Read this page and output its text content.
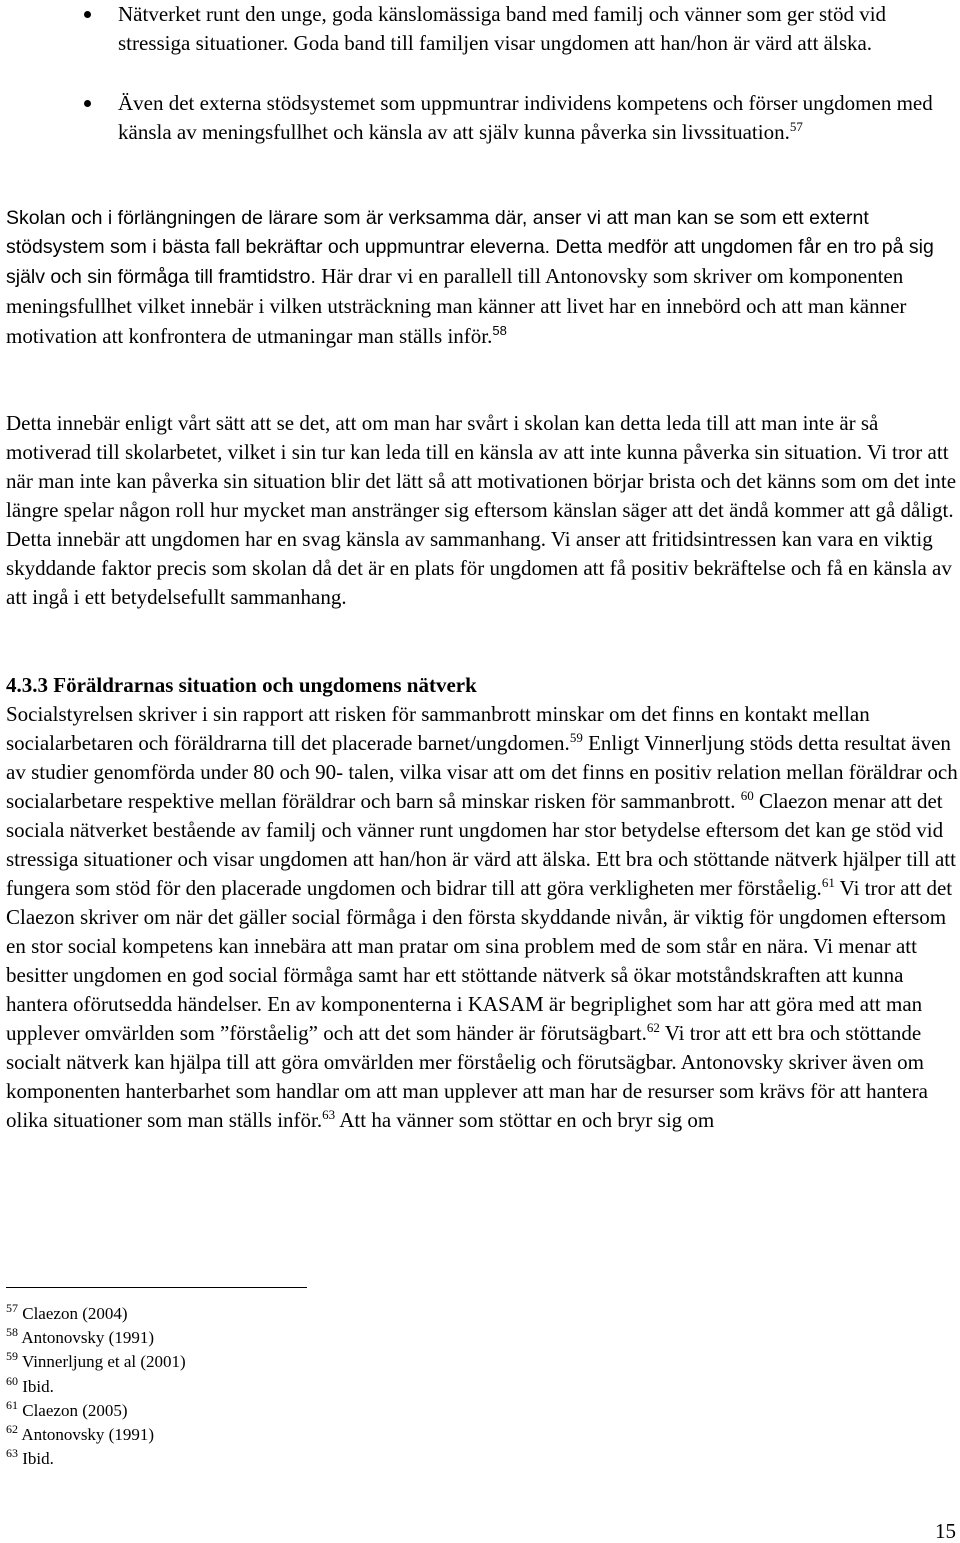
Nätverket runt den unge, goda känslomässiga band med familj och vänner som ger stöd vid stressiga situationer. Goda band till familjen visar ungdomen att han/hon är värd att älska.
Även det externa stödsystemet som uppmuntrar individens kompetens och förser ungdomen med känsla av meningsfullhet och känsla av att själv kunna påverka sin livssituation.$^{57}$

Skolan och i förlängningen de lärare som är verksamma där, anser vi att man kan se som ett externt stödsystem som i bästa fall bekräftar och uppmuntrar eleverna. Detta medför att ungdomen får en tro på sig själv och sin förmåga till framtidstro. Här drar vi en parallell till Antonovsky som skriver om komponenten meningsfullhet vilket innebär i vilken utsträckning man känner att livet har en innebörd och att man känner motivation att konfrontera de utmaningar man ställs inför.$^{58}$

Detta innebär enligt vårt sätt att se det, att om man har svårt i skolan kan detta leda till att man inte är så motiverad till skolarbetet, vilket i sin tur kan leda till en känsla av att inte kunna påverka sin situation. Vi tror att när man inte kan påverka sin situation blir det lätt så att motivationen börjar brista och det känns som om det inte längre spelar någon roll hur mycket man anstränger sig eftersom känslan säger att det ändå kommer att gå dåligt. Detta innebär att ungdomen har en svag känsla av sammanhang. Vi anser att fritidsintressen kan vara en viktig skyddande faktor precis som skolan då det är en plats för ungdomen att få positiv bekräftelse och få en känsla av att ingå i ett betydelsefullt sammanhang.

4.3.3 Föräldrarnas situation och ungdomens nätverk

Socialstyrelsen skriver i sin rapport att risken för sammanbrott minskar om det finns en kontakt mellan socialarbetaren och föräldrarna till det placerade barnet/ungdomen.$^{59}$ Enligt Vinnerljung stöds detta resultat även av studier genomförda under 80 och 90- talen, vilka visar att om det finns en positiv relation mellan föräldrar och socialarbetare respektive mellan föräldrar och barn så minskar risken för sammanbrott. $^{60}$ Claezon menar att det sociala nätverket bestående av familj och vänner runt ungdomen har stor betydelse eftersom det kan ge stöd vid stressiga situationer och visar ungdomen att han/hon är värd att älska. Ett bra och stöttande nätverk hjälper till att fungera som stöd för den placerade ungdomen och bidrar till att göra verkligheten mer förståelig.$^{61}$ Vi tror att det Claezon skriver om när det gäller social förmåga i den första skyddande nivån, är viktig för ungdomen eftersom en stor social kompetens kan innebära att man pratar om sina problem med de som står en nära. Vi menar att besitter ungdomen en god social förmåga samt har ett stöttande nätverk så ökar motståndskraften att kunna hantera oförutsedda händelser. En av komponenterna i KASAM är begriplighet som har att göra med att man upplever omvärlden som ”förståelig” och att det som händer är förutsägbart.$^{62}$ Vi tror att ett bra och stöttande socialt nätverk kan hjälpa till att göra omvärlden mer förståelig och förutsägbar. Antonovsky skriver även om komponenten hanterbarhet som handlar om att man upplever att man har de resurser som krävs för att hantera olika situationer som man ställs inför.$^{63}$ Att ha vänner som stöttar en och bryr sig om

$^{57}$ Claezon (2004)
$^{58}$ Antonovsky (1991)
$^{59}$ Vinnerljung et al (2001)
$^{60}$ Ibid.
$^{61}$ Claezon (2005)
$^{62}$ Antonovsky (1991)
$^{63}$ Ibid.
15
